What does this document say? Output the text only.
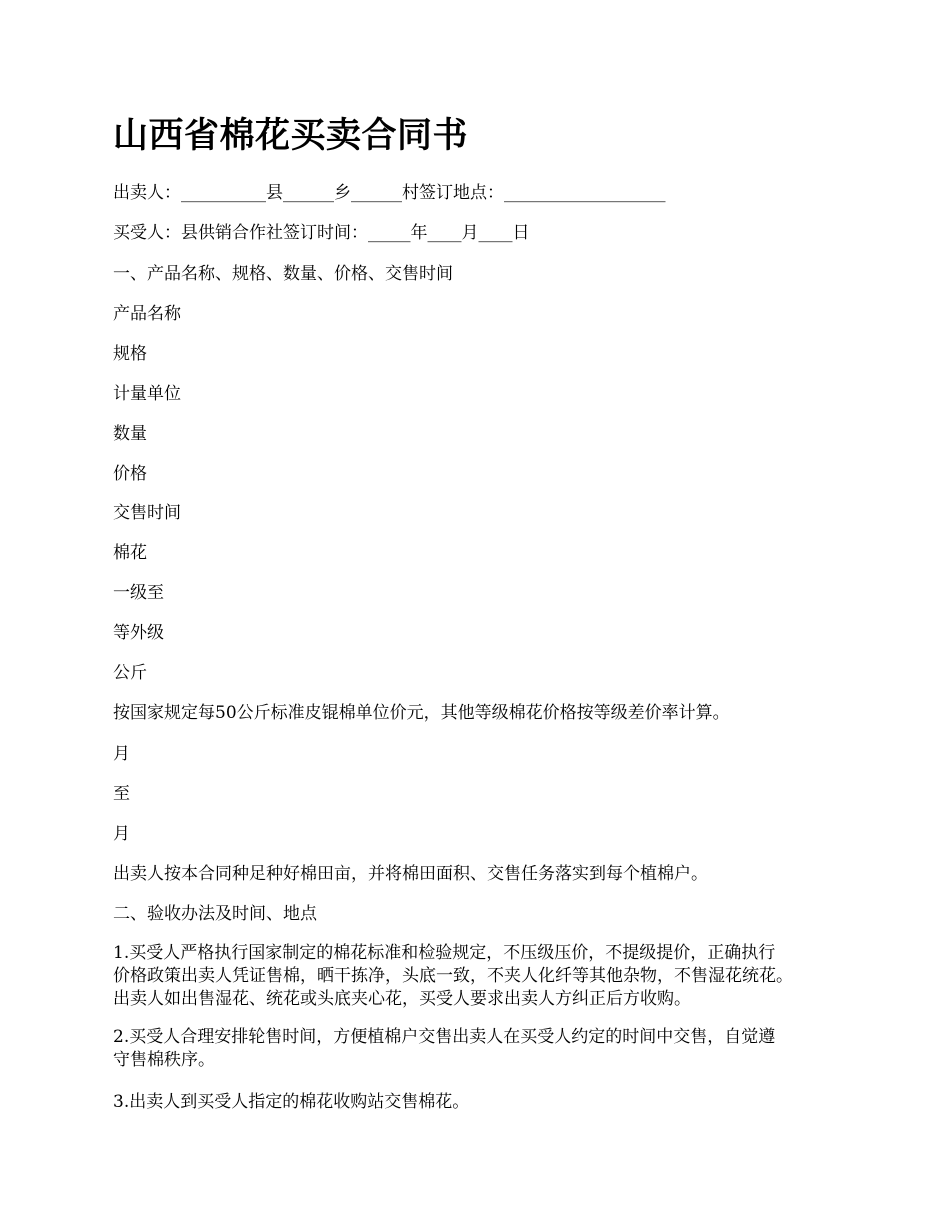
山西省棉花买卖合同书

出卖人：__________县______乡______村签订地点：___________________

买受人：县供销合作社签订时间：_____年____月____日

一、产品名称、规格、数量、价格、交售时间

产品名称

规格

计量单位

数量

价格

交售时间

棉花

一级至

等外级

公斤

按国家规定每50公斤标准皮锟棉单位价元，其他等级棉花价格按等级差价率计算。

月

至

月

出卖人按本合同种足种好棉田亩，并将棉田面积、交售任务落实到每个植棉户。

二、验收办法及时间、地点

1.买受人严格执行国家制定的棉花标准和检验规定，不压级压价，不提级提价，正确执行
价格政策出卖人凭证售棉，晒干拣净，头底一致，不夹人化纤等其他杂物，不售湿花统花。
出卖人如出售湿花、统花或头底夹心花，买受人要求出卖人方纠正后方收购。
2.买受人合理安排轮售时间，方便植棉户交售出卖人在买受人约定的时间中交售，自觉遵
守售棉秩序。

3.出卖人到买受人指定的棉花收购站交售棉花。
